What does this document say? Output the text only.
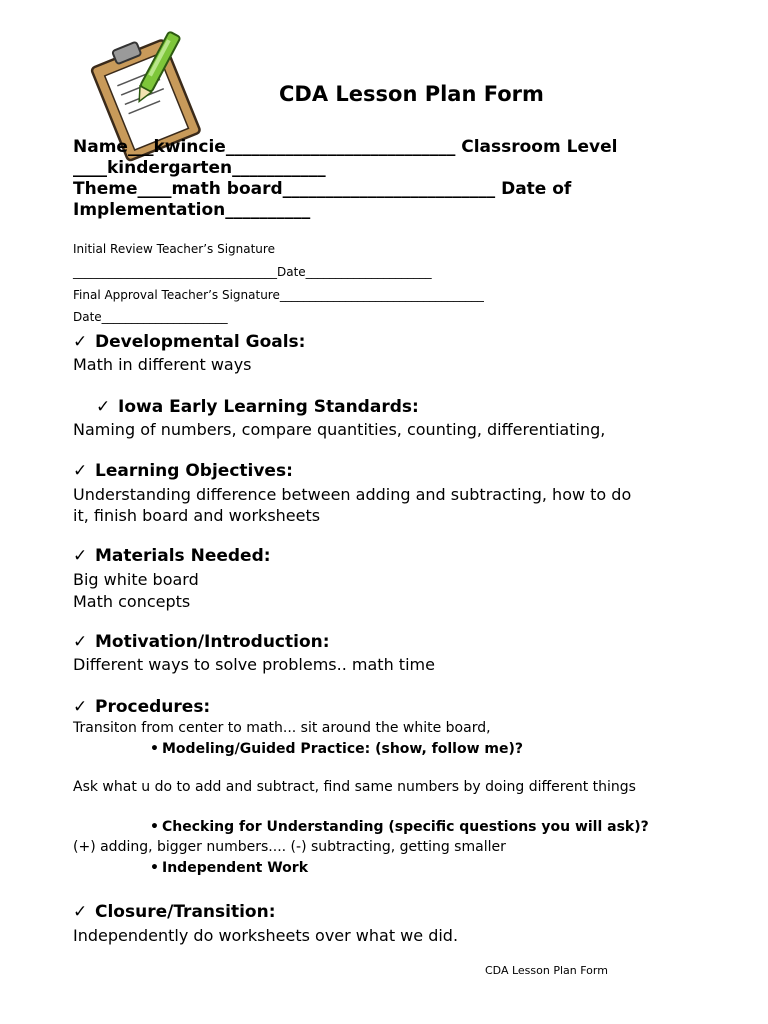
CDA Lesson Plan Form
Name___kwincie___________________________ Classroom Level
____kindergarten___________
Theme____math board_________________________ Date of
Implementation__________
Initial Review Teacher’s Signature
__________________________________Date_____________________
Final Approval Teacher’s Signature__________________________________
Date_____________________
✓ Developmental Goals:
Math in different ways
✓ Iowa Early Learning Standards:
Naming of numbers, compare quantities, counting, differentiating,
✓ Learning Objectives:
Understanding difference between adding and subtracting, how to do
it, finish board and worksheets
✓ Materials Needed:
Big white board
Math concepts
✓ Motivation/Introduction:
Different ways to solve problems.. math time
✓ Procedures:
Transiton from center to math... sit around the white board,
• Modeling/Guided Practice: (show, follow me)?
Ask what u do to add and subtract, find same numbers by doing different things
• Checking for Understanding (specific questions you will ask)?
(+) adding, bigger numbers.... (-) subtracting, getting smaller
• Independent Work
✓ Closure/Transition:
Independently do worksheets over what we did.
CDA Lesson Plan Form
